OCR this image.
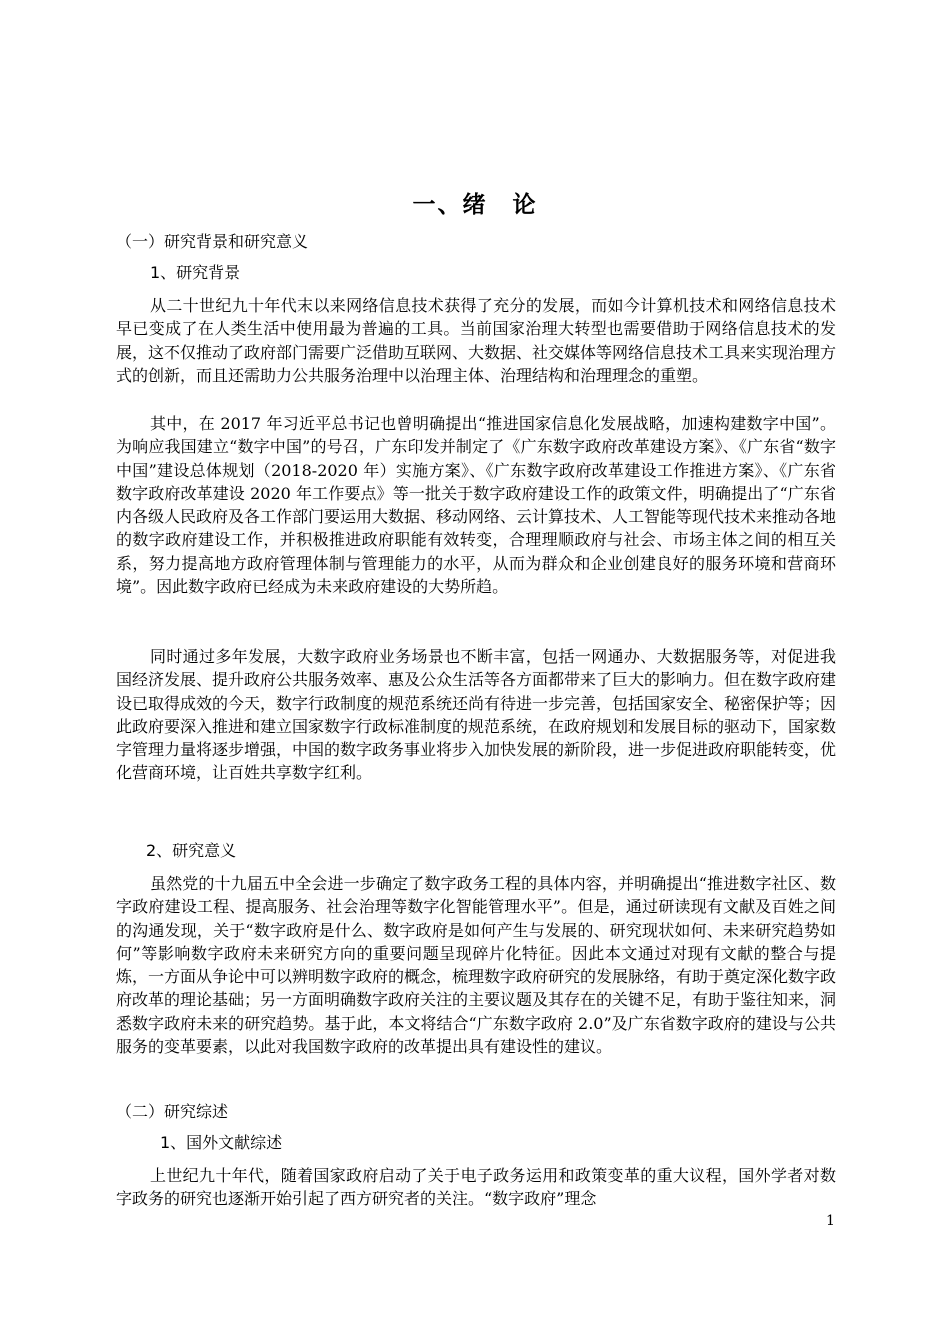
一、绪　论
（一）研究背景和研究意义
1、研究背景

从二十世纪九十年代末以来网络信息技术获得了充分的发展，而如今计算机技术和网络信息技术早已变成了在人类生活中使用最为普遍的工具。当前国家治理大转型也需要借助于网络信息技术的发展，这不仅推动了政府部门需要广泛借助互联网、大数据、社交媒体等网络信息技术工具来实现治理方式的创新，而且还需助力公共服务治理中以治理主体、治理结构和治理理念的重塑。

其中，在 2017 年习近平总书记也曾明确提出“推进国家信息化发展战略，加速构建数字中国”。为响应我国建立“数字中国”的号召，广东印发并制定了《广东数字政府改革建设方案》、《广东省“数字中国”建设总体规划（2018-2020 年）实施方案》、《广东数字政府改革建设工作推进方案》、《广东省数字政府改革建设 2020 年工作要点》等一批关于数字政府建设工作的政策文件，明确提出了“广东省内各级人民政府及各工作部门要运用大数据、移动网络、云计算技术、人工智能等现代技术来推动各地的数字政府建设工作，并积极推进政府职能有效转变，合理理顺政府与社会、市场主体之间的相互关系，努力提高地方政府管理体制与管理能力的水平，从而为群众和企业创建良好的服务环境和营商环境”。因此数字政府已经成为未来政府建设的大势所趋。

同时通过多年发展，大数字政府业务场景也不断丰富，包括一网通办、大数据服务等，对促进我国经济发展、提升政府公共服务效率、惠及公众生活等各方面都带来了巨大的影响力。但在数字政府建设已取得成效的今天，数字行政制度的规范系统还尚有待进一步完善，包括国家安全、秘密保护等；因此政府要深入推进和建立国家数字行政标准制度的规范系统，在政府规划和发展目标的驱动下，国家数字管理力量将逐步增强，中国的数字政务事业将步入加快发展的新阶段，进一步促进政府职能转变，优化营商环境，让百姓共享数字红利。

2、研究意义

虽然党的十九届五中全会进一步确定了数字政务工程的具体内容，并明确提出“推进数字社区、数字政府建设工程、提高服务、社会治理等数字化智能管理水平”。但是，通过研读现有文献及百姓之间的沟通发现，关于“数字政府是什么、数字政府是如何产生与发展的、研究现状如何、未来研究趋势如何”等影响数字政府未来研究方向的重要问题呈现碎片化特征。因此本文通过对现有文献的整合与提炼，一方面从争论中可以辨明数字政府的概念，梳理数字政府研究的发展脉络，有助于奠定深化数字政府改革的理论基础；另一方面明确数字政府关注的主要议题及其存在的关键不足，有助于鉴往知来，洞悉数字政府未来的研究趋势。基于此，本文将结合“广东数字政府 2.0”及广东省数字政府的建设与公共服务的变革要素，以此对我国数字政府的改革提出具有建设性的建议。

（二）研究综述
1、国外文献综述

上世纪九十年代，随着国家政府启动了关于电子政务运用和政策变革的重大议程，国外学者对数字政务的研究也逐渐开始引起了西方研究者的关注。“数字政府”理念

1
